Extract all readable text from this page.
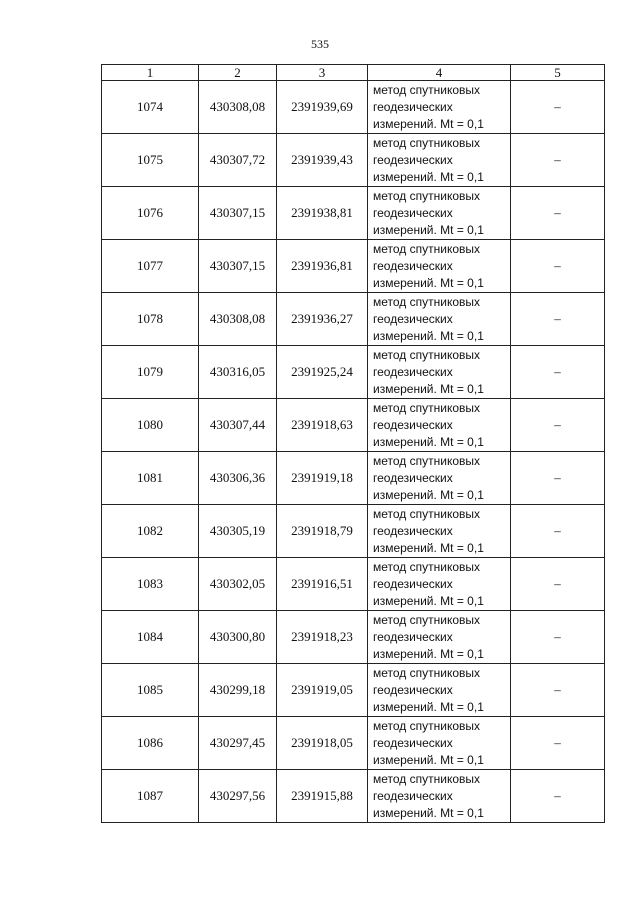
535
1	2	3	4	5
1074	430308,08	2391939,69	метод спутниковых
геодезических
измерений. Mt = 0,1	–
1075	430307,72	2391939,43	метод спутниковых
геодезических
измерений. Mt = 0,1	–
1076	430307,15	2391938,81	метод спутниковых
геодезических
измерений. Mt = 0,1	–
1077	430307,15	2391936,81	метод спутниковых
геодезических
измерений. Mt = 0,1	–
1078	430308,08	2391936,27	метод спутниковых
геодезических
измерений. Mt = 0,1	–
1079	430316,05	2391925,24	метод спутниковых
геодезических
измерений. Mt = 0,1	–
1080	430307,44	2391918,63	метод спутниковых
геодезических
измерений. Mt = 0,1	–
1081	430306,36	2391919,18	метод спутниковых
геодезических
измерений. Mt = 0,1	–
1082	430305,19	2391918,79	метод спутниковых
геодезических
измерений. Mt = 0,1	–
1083	430302,05	2391916,51	метод спутниковых
геодезических
измерений. Mt = 0,1	–
1084	430300,80	2391918,23	метод спутниковых
геодезических
измерений. Mt = 0,1	–
1085	430299,18	2391919,05	метод спутниковых
геодезических
измерений. Mt = 0,1	–
1086	430297,45	2391918,05	метод спутниковых
геодезических
измерений. Mt = 0,1	–
1087	430297,56	2391915,88	метод спутниковых
геодезических
измерений. Mt = 0,1	–
